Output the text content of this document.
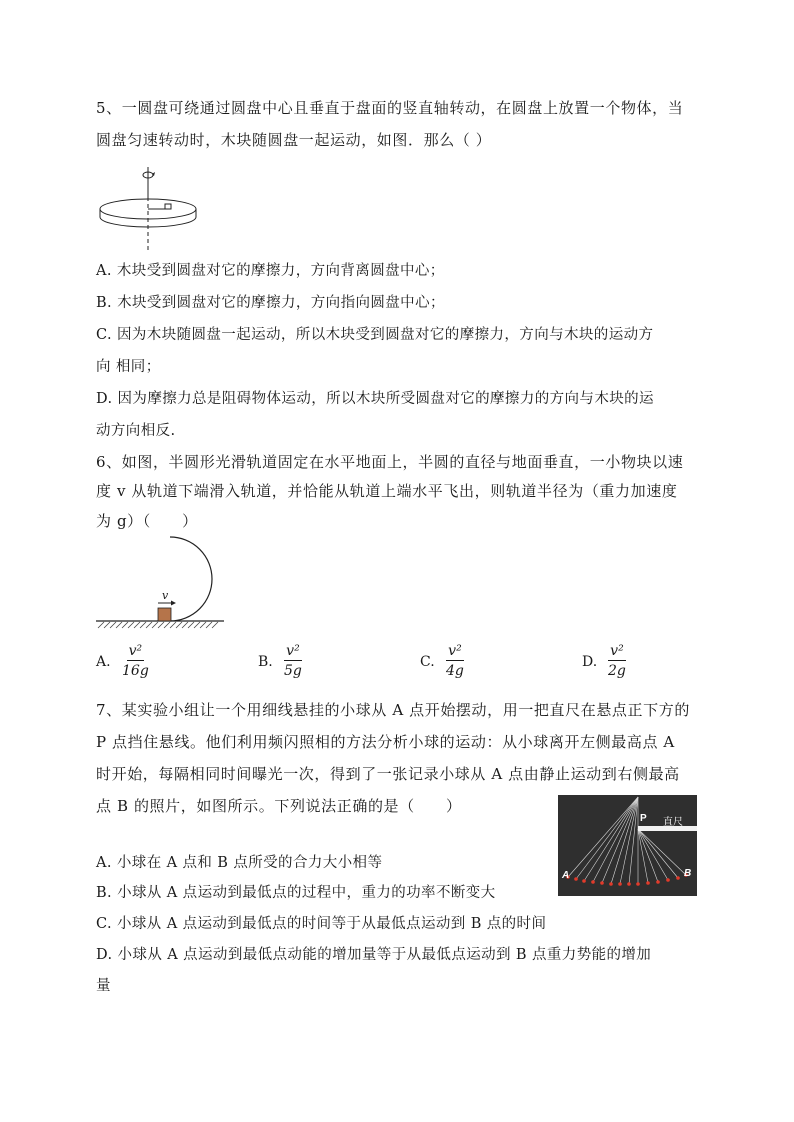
5、一圆盘可绕通过圆盘中心且垂直于盘面的竖直轴转动，在圆盘上放置一个物体，当
圆盘匀速转动时，木块随圆盘一起运动，如图．那么（ ）
A. 木块受到圆盘对它的摩擦力，方向背离圆盘中心；
B. 木块受到圆盘对它的摩擦力，方向指向圆盘中心；
C. 因为木块随圆盘一起运动，所以木块受到圆盘对它的摩擦力，方向与木块的运动方
向 相同；
D. 因为摩擦力总是阻碍物体运动，所以木块所受圆盘对它的摩擦力的方向与木块的运
动方向相反.
6、如图，半圆形光滑轨道固定在水平地面上，半圆的直径与地面垂直，一小物块以速
度 v 从轨道下端滑入轨道，并恰能从轨道上端水平飞出，则轨道半径为（重力加速度
为 g）（　　）
v
A. $\frac{\text{v²}}{16g}$	B. $\frac{\text{v²}}{5g}$	C. $\frac{\text{v²}}{4g}$	D. $\frac{\text{v²}}{2g}$
7、某实验小组让一个用细线悬挂的小球从 A 点开始摆动，用一把直尺在悬点正下方的
P 点挡住悬线。他们利用频闪照相的方法分析小球的运动：从小球离开左侧最高点 A
时开始，每隔相同时间曝光一次，得到了一张记录小球从 A 点由静止运动到右侧最高
点 B 的照片，如图所示。下列说法正确的是（　　）
P 直尺
A	B
A. 小球在 A 点和 B 点所受的合力大小相等
B. 小球从 A 点运动到最低点的过程中，重力的功率不断变大
C. 小球从 A 点运动到最低点的时间等于从最低点运动到 B 点的时间
D. 小球从 A 点运动到最低点动能的增加量等于从最低点运动到 B 点重力势能的增加
量
